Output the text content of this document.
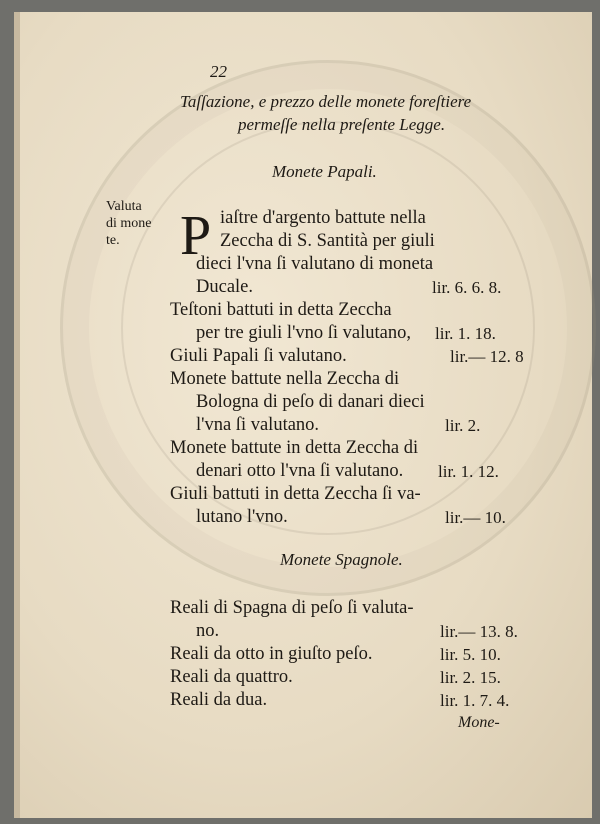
22
Taſſazione, e prezzo delle monete foreſtiere
permeſſe nella preſente Legge.
Monete Papali.
Valuta
di mone
te. P iaſtre d'argento battute nella
Zeccha di S. Santità per giuli
dieci l'vna ſi valutano di moneta
Ducale.	lir. 6. 6. 8.
Teſtoni battuti in detta Zeccha
per tre giuli l'vno ſi valutano, lir. 1. 18.
Giuli Papali ſi valutano.	lir.— 12. 8
Monete battute nella Zeccha di
Bologna di peſo di danari dieci
l'vna ſi valutano.	lir. 2.
Monete battute in detta Zeccha di
denari otto l'vna ſi valutano. lir. 1. 12.
Giuli battuti in detta Zeccha ſi va-
lutano l'vno.	lir.— 10.
Monete Spagnole.
Reali di Spagna di peſo ſi valuta-
no.	lir.— 13. 8.
Reali da otto in giuſto peſo.	lir. 5. 10.
Reali da quattro.	lir. 2. 15.
Reali da dua.	lir. 1. 7. 4.
Mone-
